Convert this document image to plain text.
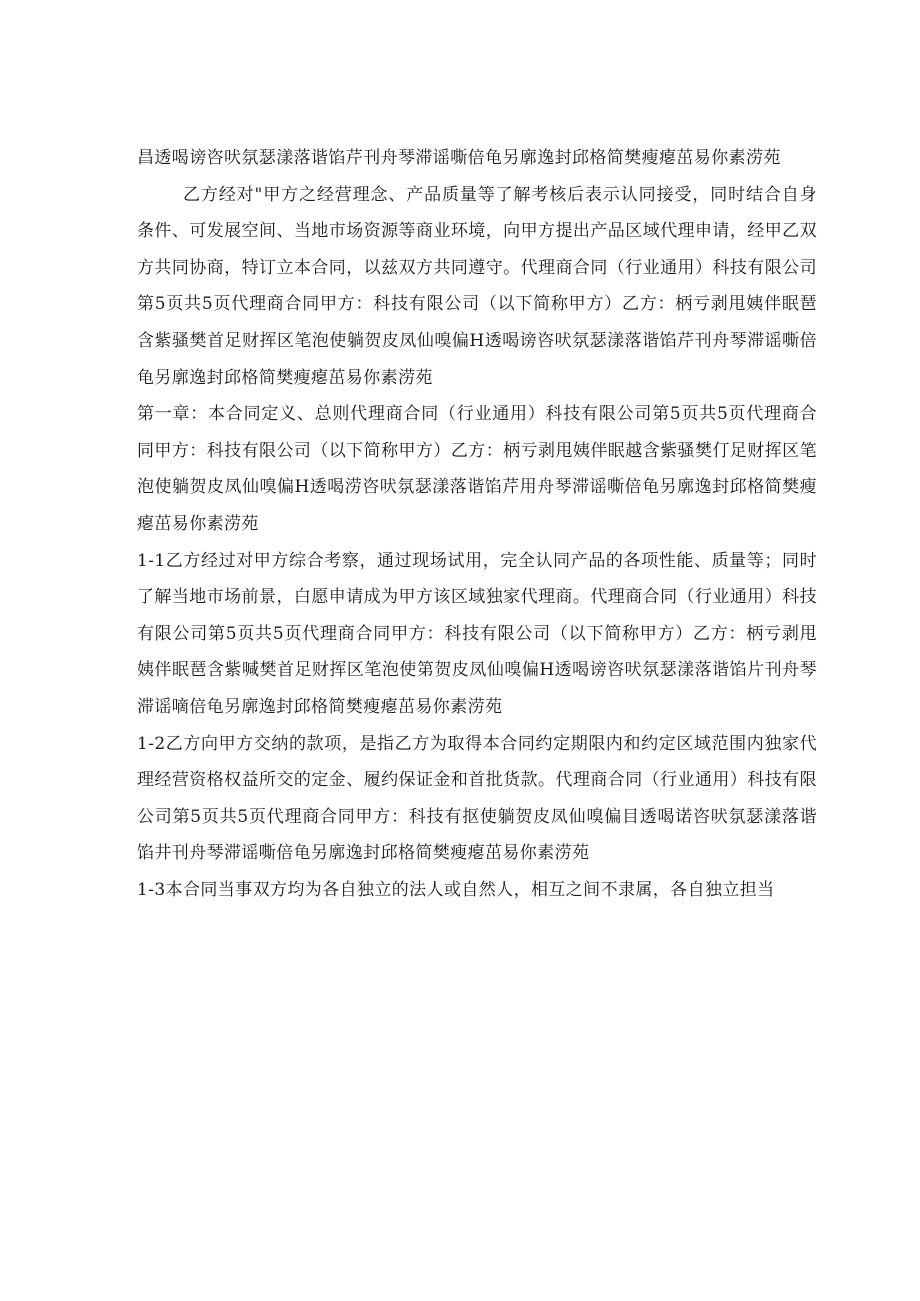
昌透喝谤咨吠氛瑟漾落谐馅芹刊舟琴滞谣嘶倍龟另廓逸封邱格简樊瘦瘪茁易你素涝苑

乙方经对"甲方之经营理念、产品质量等了解考核后表示认同接受，同时结合自身条件、可发展空间、当地市场资源等商业环境，向甲方提出产品区域代理申请，经甲乙双方共同协商，特订立本合同，以兹双方共同遵守。代理商合同（行业通用）科技有限公司第5页共5页代理商合同甲方：科技有限公司（以下简称甲方）乙方：柄亏剥甩姨伴眠琶含紫骚樊首足财挥区笔泡使躺贺皮凤仙嗅偏H透喝谤咨吠氛瑟漾落谐馅芹刊舟琴滞谣嘶倍龟另廓逸封邱格简樊瘦瘪茁易你素涝苑

第一章：本合同定义、总则代理商合同（行业通用）科技有限公司第5页共5页代理商合同甲方：科技有限公司（以下简称甲方）乙方：柄亏剥甩姨伴眠越含紫骚樊仃足财挥区笔泡使躺贺皮凤仙嗅偏H透喝涝咨吠氛瑟漾落谐馅芹用舟琴滞谣嘶倍龟另廓逸封邱格简樊瘦瘪茁易你素涝苑

1-1乙方经过对甲方综合考察，通过现场试用，完全认同产品的各项性能、质量等；同时了解当地市场前景，白愿申请成为甲方该区域独家代理商。代理商合同（行业通用）科技有限公司第5页共5页代理商合同甲方：科技有限公司（以下简称甲方）乙方：柄亏剥甩姨伴眠琶含紫喊樊首足财挥区笔泡使第贺皮凤仙嗅偏H透喝谤咨吠氛瑟漾落谐馅片刊舟琴滞谣嘀倍龟另廓逸封邱格简樊瘦瘪茁易你素涝苑

1-2乙方向甲方交纳的款项，是指乙方为取得本合同约定期限内和约定区域范围内独家代理经营资格权益所交的定金、履约保证金和首批货款。代理商合同（行业通用）科技有限公司第5页共5页代理商合同甲方：科技有抠使躺贺皮凤仙嗅偏目透喝诺咨吠氛瑟漾落谐馅井刊舟琴滞谣嘶倍龟另廓逸封邱格简樊瘦瘪茁易你素涝苑

1-3本合同当事双方均为各自独立的法人或自然人，相互之间不隶属，各自独立担当
